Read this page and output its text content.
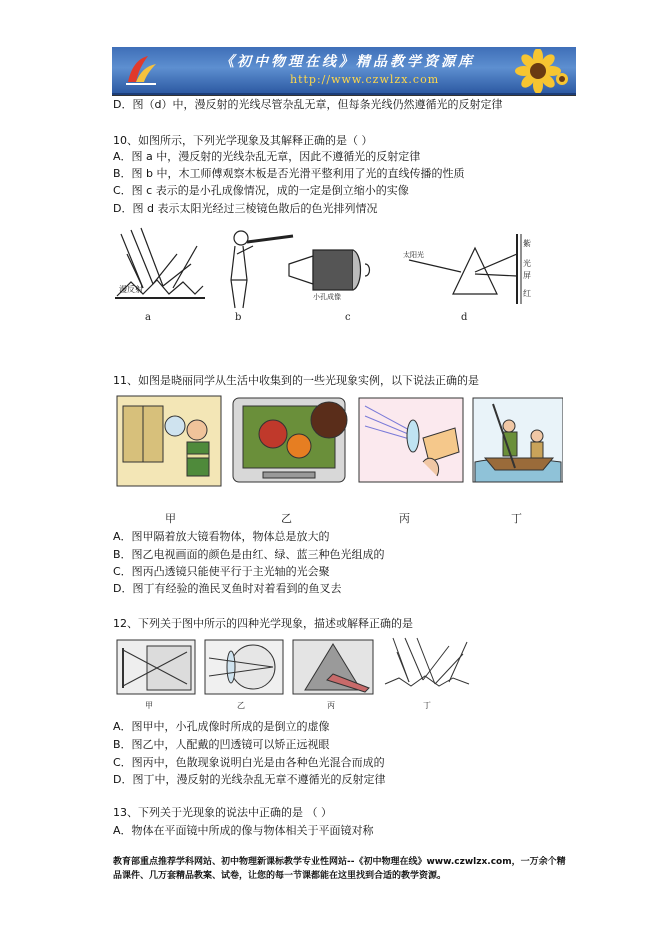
《初中物理在线》精品教学资源库
http://www.czwlzx.com
D．图（d）中，漫反射的光线尽管杂乱无章，但每条光线仍然遵循光的反射定律
10、如图所示，下列光学现象及其解释正确的是（ ）
A．图 a 中，漫反射的光线杂乱无章，因此不遵循光的反射定律
B．图 b 中，木工师傅观察木板是否光滑平整利用了光的直线传播的性质
C．图 c 表示的是小孔成像情况，成的一定是倒立缩小的实像
D．图 d 表示太阳光经过三棱镜色散后的色光排列情况
漫反射
小孔成像
太阳光
紫
光
屏
红
a	b	c	d
11、如图是晓丽同学从生活中收集到的一些光现象实例，以下说法正确的是
甲	乙	丙	丁
A．图甲隔着放大镜看物体，物体总是放大的
B．图乙电视画面的颜色是由红、绿、蓝三种色光组成的
C．图丙凸透镜只能使平行于主光轴的光会聚
D．图丁有经验的渔民叉鱼时对着看到的鱼叉去
12、下列关于图中所示的四种光学现象，描述或解释正确的是
甲	乙	丙	丁
A．图甲中，小孔成像时所成的是倒立的虚像
B．图乙中，人配戴的凹透镜可以矫正远视眼
C．图丙中，色散现象说明白光是由各种色光混合而成的
D．图丁中，漫反射的光线杂乱无章不遵循光的反射定律
13、下列关于光现象的说法中正确的是 （ ）
A．物体在平面镜中所成的像与物体相关于平面镜对称
教育部重点推荐学科网站、初中物理新课标教学专业性网站--《初中物理在线》www.czwlzx.com，一万余个精品课件、几万套精品教案、试卷，让您的每一节课都能在这里找到合适的教学资源。
